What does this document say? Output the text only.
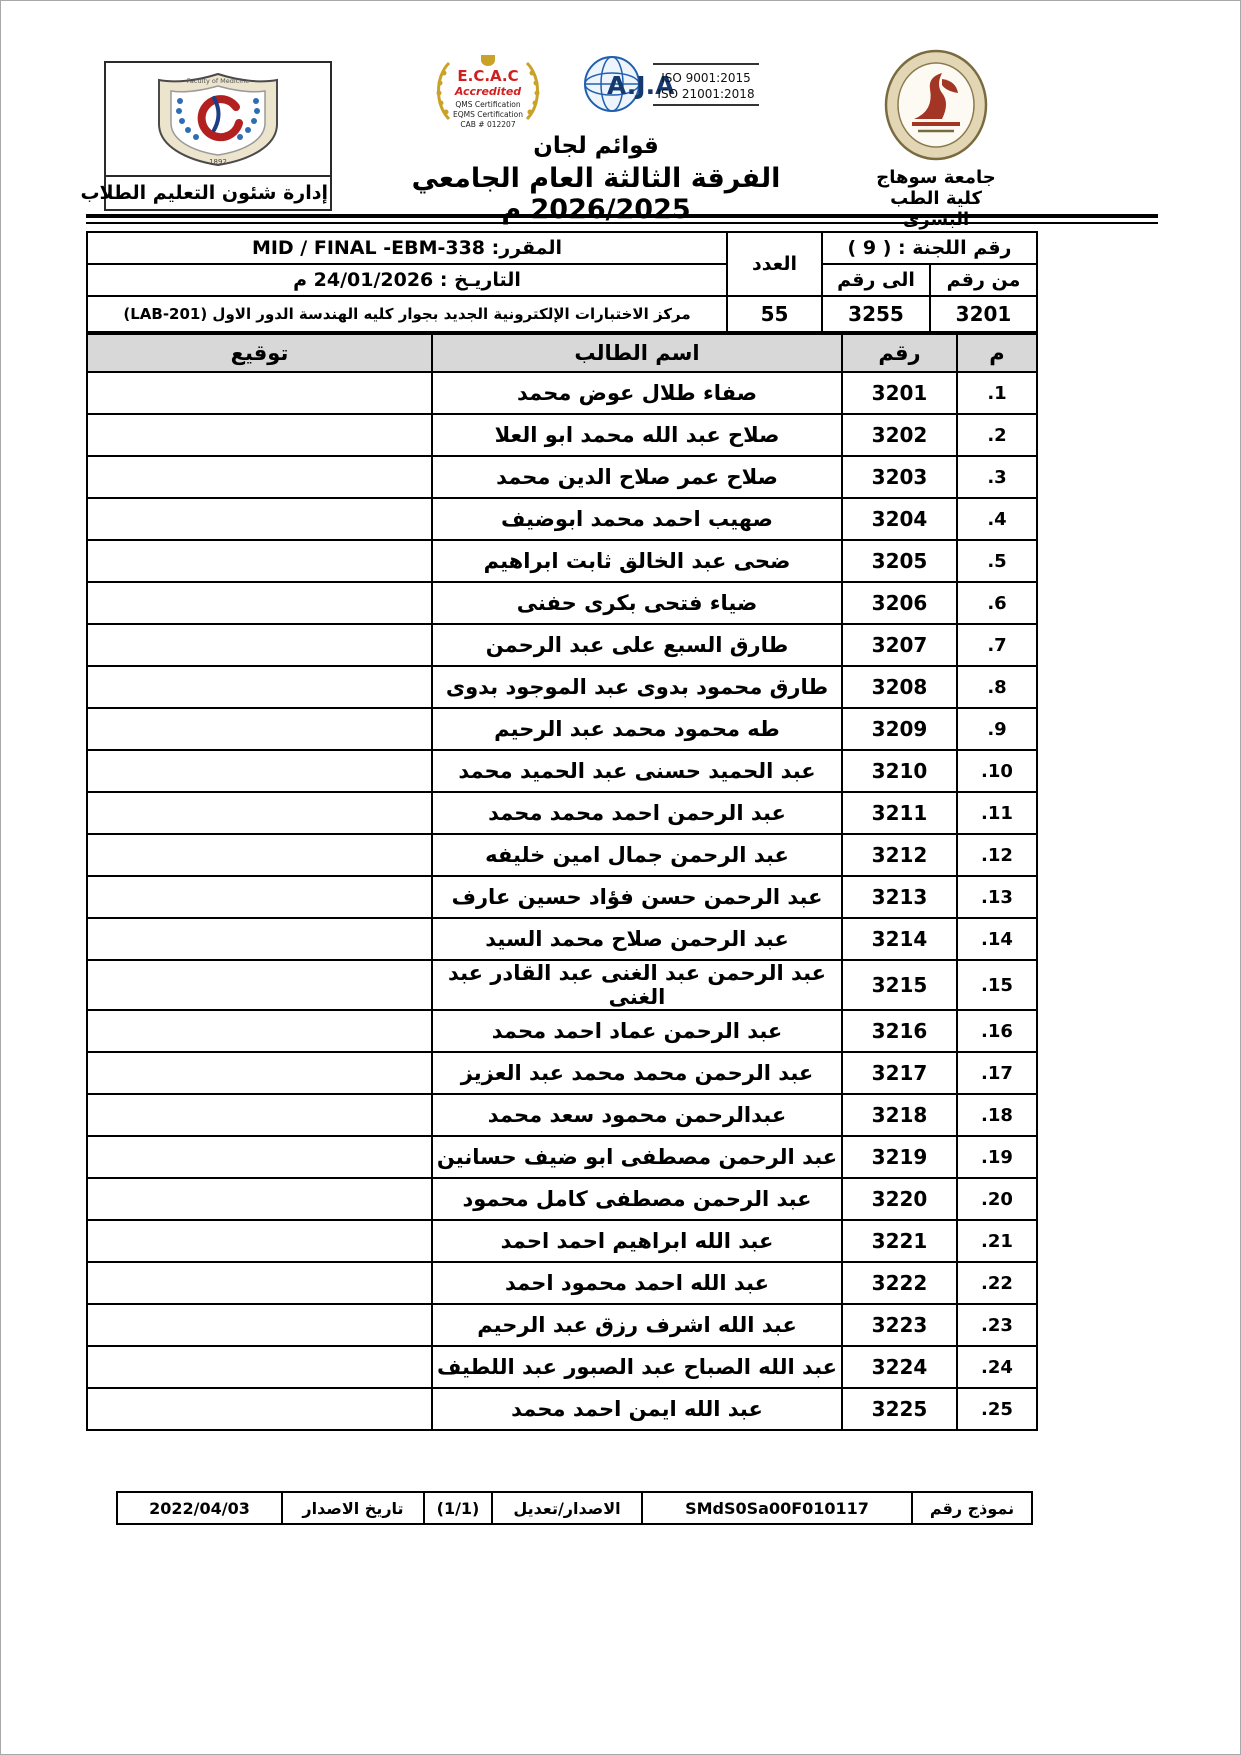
Faculty of Medicine
1892
إدارة شئون التعليم الطلاب
E.C.A.C
Accredited
QMS Certification
EQMS Certification
CAB # 012207
A.J.A
ISO 9001:2015
ISO 21001:2018
قوائم لجان
الفرقة الثالثة العام الجامعي 2026/2025 م
جامعة سوهاج
كلية الطب البشرى
رقم اللجنة : ( 9 )		العدد	المقرر: MID / FINAL -EBM-338
من رقم	الى رقم		التاريـخ : 24/01/2026 م
3201	3255	55	مركز الاختبارات الإلكترونية الجديد بجوار كليه الهندسة الدور الاول (LAB-201)
م	رقم	اسم الطالب	توقيع
1.	3201	صفاء طلال عوض محمد	
2.	3202	صلاح عبد الله محمد ابو العلا	
3.	3203	صلاح عمر صلاح الدين محمد	
4.	3204	صهيب احمد محمد ابوضيف	
5.	3205	ضحى عبد الخالق ثابت ابراهيم	
6.	3206	ضياء فتحى بكرى حفنى	
7.	3207	طارق السبع على عبد الرحمن	
8.	3208	طارق محمود بدوى عبد الموجود بدوى	
9.	3209	طه محمود محمد عبد الرحيم	
10.	3210	عبد الحميد حسنى عبد الحميد محمد	
11.	3211	عبد الرحمن احمد محمد محمد	
12.	3212	عبد الرحمن جمال امين خليفه	
13.	3213	عبد الرحمن حسن فؤاد حسين عارف	
14.	3214	عبد الرحمن صلاح محمد السيد	
15.	3215	عبد الرحمن عبد الغنى عبد القادر عبد الغنى	
16.	3216	عبد الرحمن عماد احمد محمد	
17.	3217	عبد الرحمن محمد محمد عبد العزيز	
18.	3218	عبدالرحمن محمود سعد محمد	
19.	3219	عبد الرحمن مصطفى ابو ضيف حسانين	
20.	3220	عبد الرحمن مصطفى كامل محمود	
21.	3221	عبد الله ابراهيم احمد احمد	
22.	3222	عبد الله احمد محمود احمد	
23.	3223	عبد الله اشرف رزق عبد الرحيم	
24.	3224	عبد الله الصباح عبد الصبور عبد اللطيف	
25.	3225	عبد الله ايمن احمد محمد	
نموذج رقم	SMdS0Sa00F010117	الاصدار/تعديل	(1/1)	تاريخ الاصدار	2022/04/03
